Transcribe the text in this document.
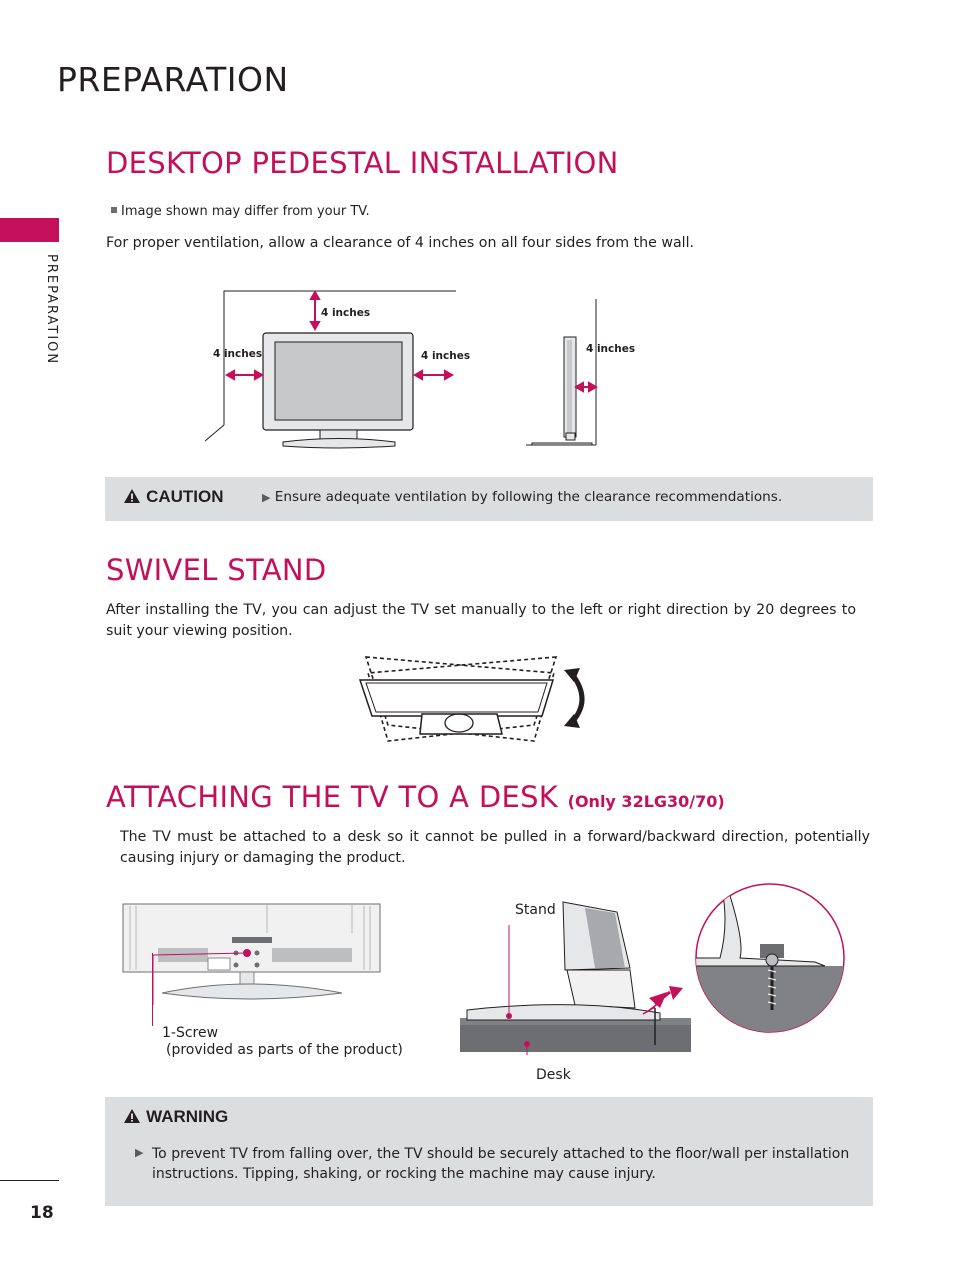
PREPARATION
PREPARATION
DESKTOP PEDESTAL INSTALLATION
Image shown may differ from your TV.
For proper ventilation, allow a clearance of 4 inches on all four sides from the wall.
4 inches
4 inches	4 inches
4 inches
CAUTION	▶ Ensure adequate ventilation by following the clearance recommendations.
SWIVEL STAND
After installing the TV, you can adjust the TV set manually to the left or right direction by 20 degrees to suit your viewing position.
ATTACHING THE TV TO A DESK (Only 32LG30/70)
The TV must be attached to a desk so it cannot be pulled in a forward/backward direction, potentially causing injury or damaging the product.
1-Screw
(provided as parts of the product)
Stand
Desk
WARNING
▶ To prevent TV from falling over, the TV should be securely attached to the floor/wall per installation
instructions. Tipping, shaking, or rocking the machine may cause injury.
18
